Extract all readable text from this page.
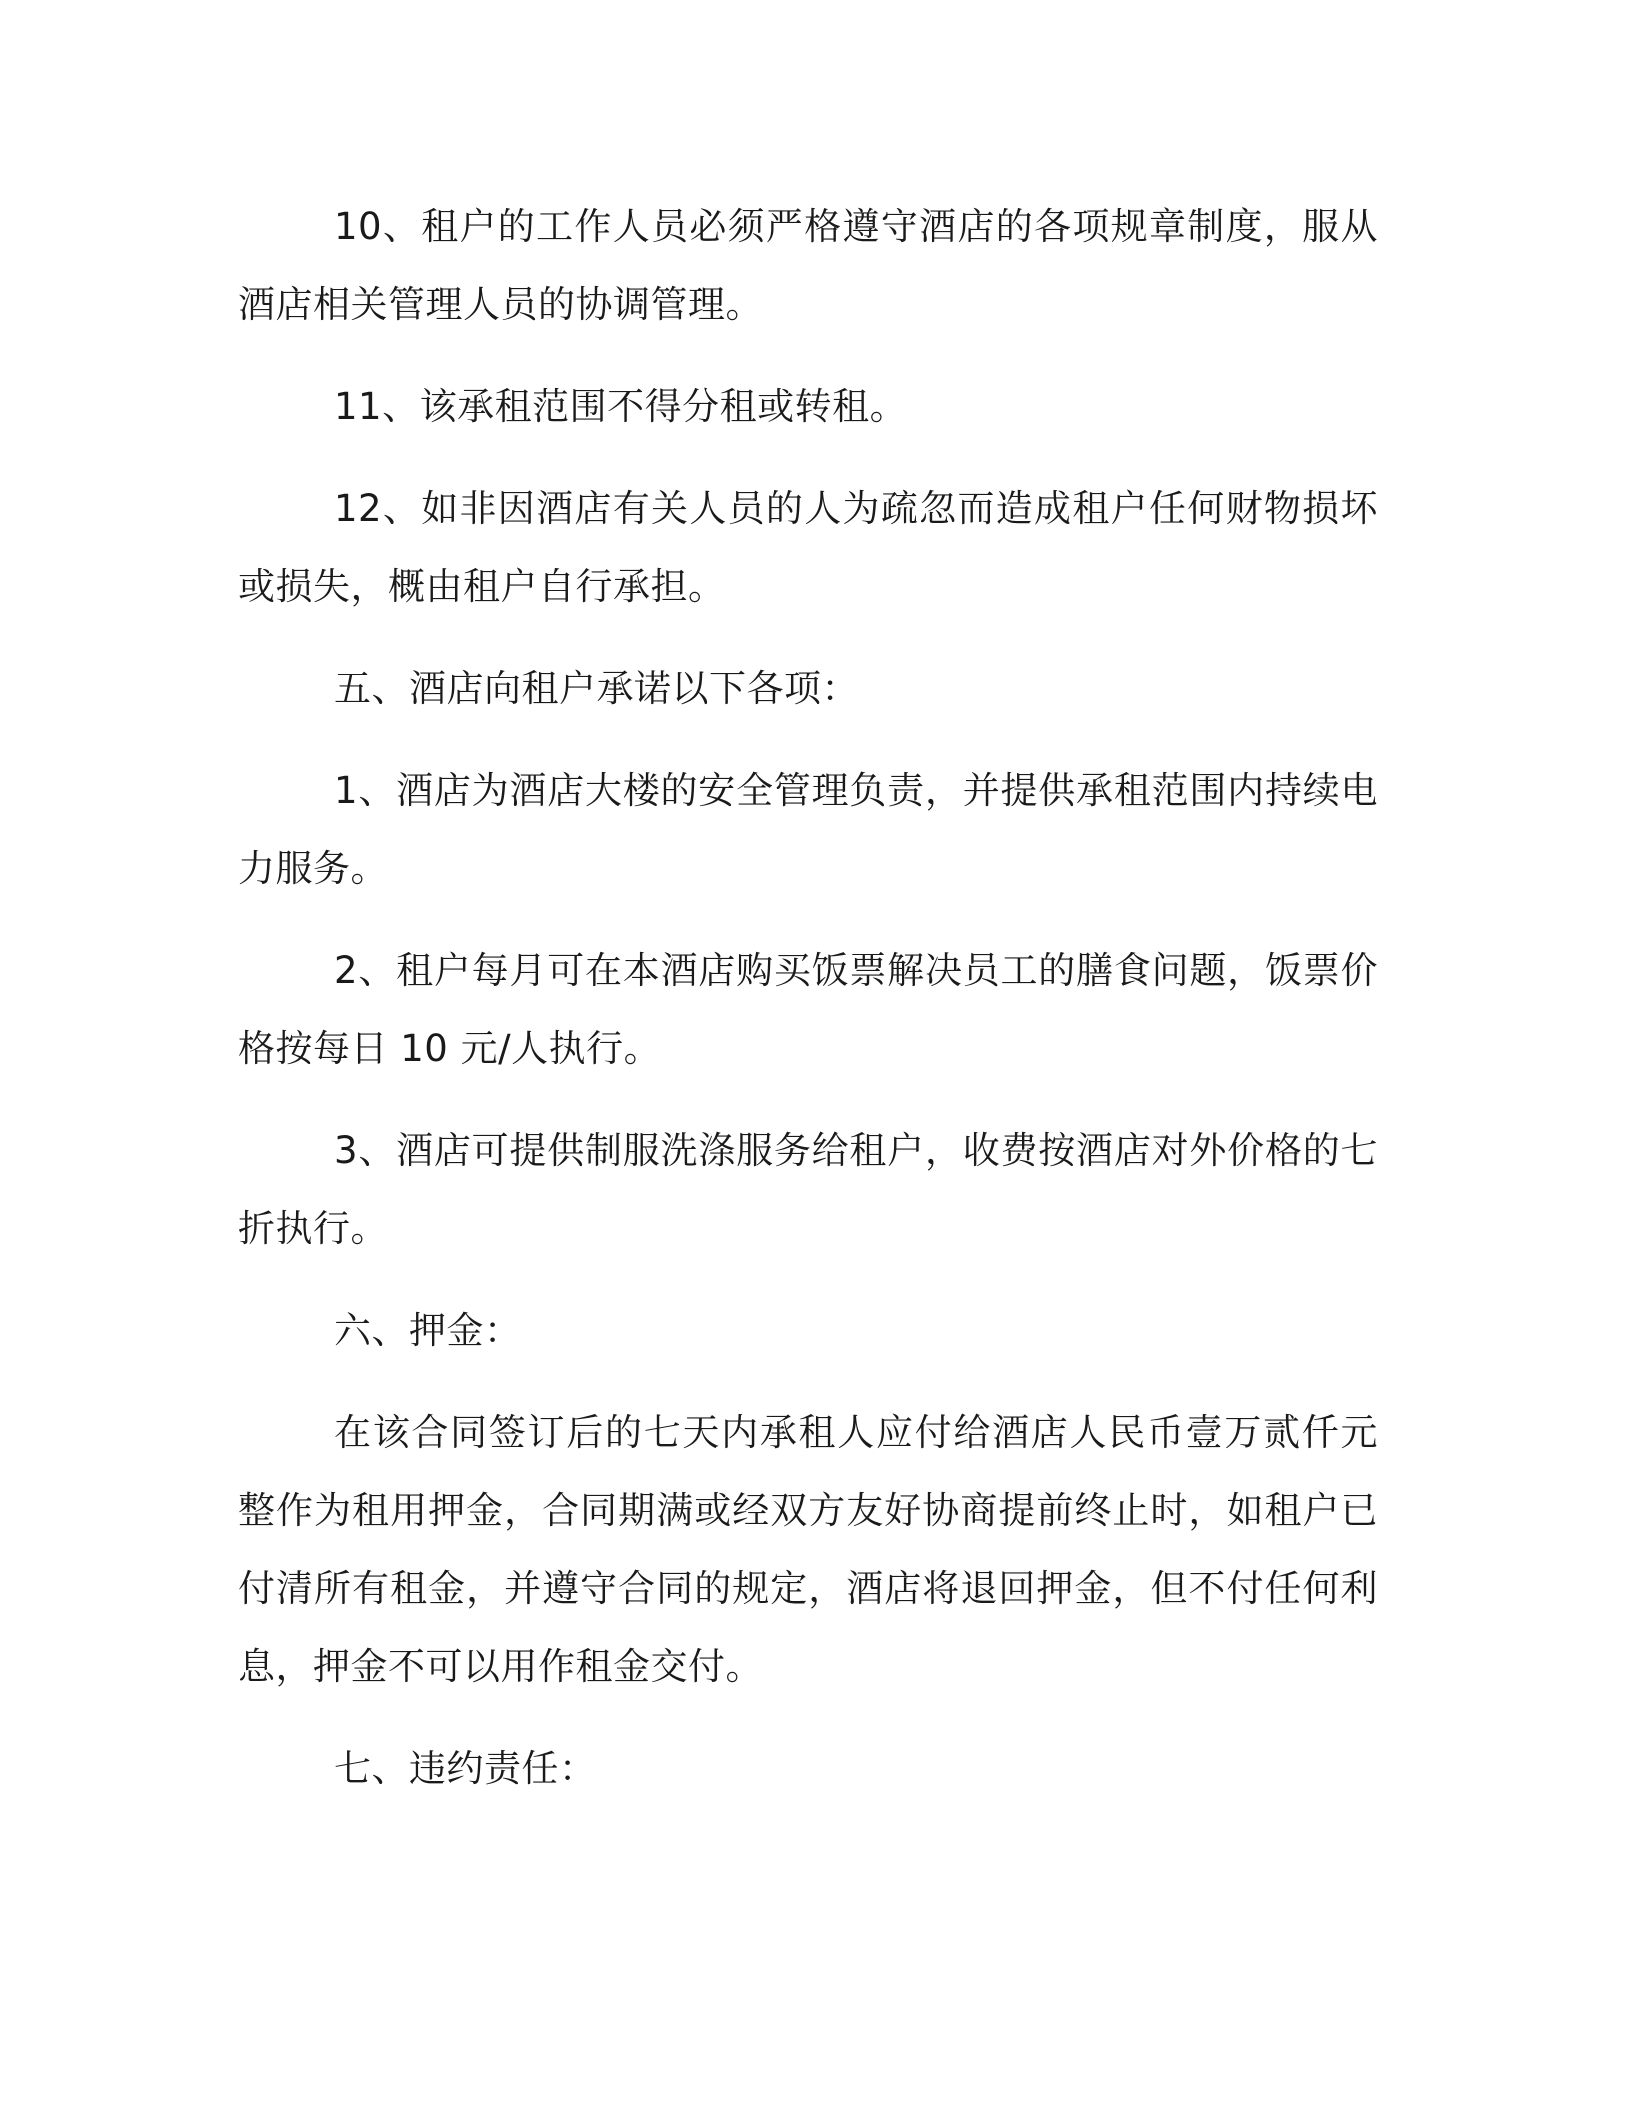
10、租户的工作人员必须严格遵守酒店的各项规章制度，服从酒店相关管理人员的协调管理。

11、该承租范围不得分租或转租。

12、如非因酒店有关人员的人为疏忽而造成租户任何财物损坏或损失，概由租户自行承担。

五、酒店向租户承诺以下各项：

1、酒店为酒店大楼的安全管理负责，并提供承租范围内持续电力服务。

2、租户每月可在本酒店购买饭票解决员工的膳食问题，饭票价格按每日 10 元/人执行。

3、酒店可提供制服洗涤服务给租户，收费按酒店对外价格的七折执行。

六、押金：

在该合同签订后的七天内承租人应付给酒店人民币壹万贰仟元整作为租用押金，合同期满或经双方友好协商提前终止时，如租户已付清所有租金，并遵守合同的规定，酒店将退回押金，但不付任何利息，押金不可以用作租金交付。

七、违约责任：
